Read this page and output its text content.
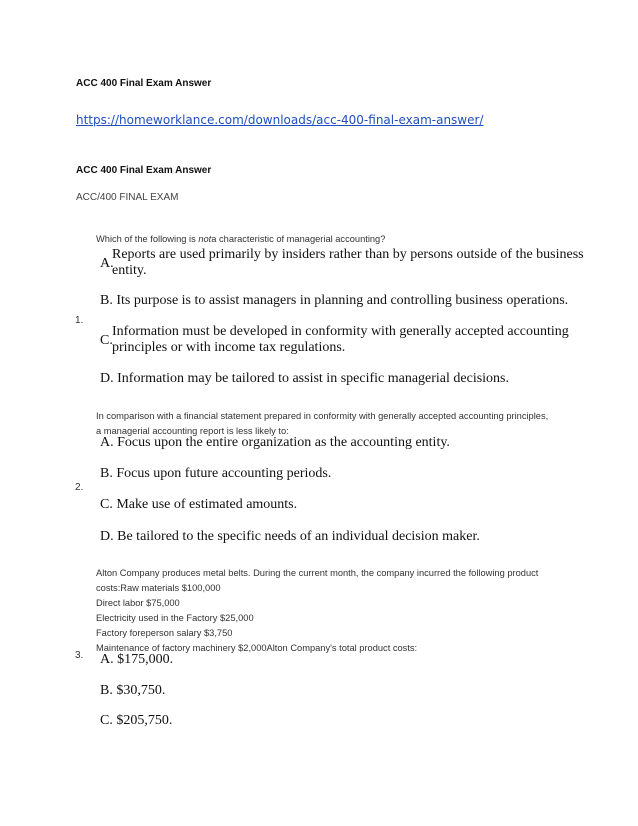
ACC 400 Final Exam Answer
https://homeworklance.com/downloads/acc-400-final-exam-answer/
ACC 400 Final Exam Answer
ACC/400 FINAL EXAM
Which of the following is nota characteristic of managerial accounting?
1.
A.
Reports are used primarily by insiders rather than by persons outside of the business
entity.
B. Its purpose is to assist managers in planning and controlling business operations.
C.
Information must be developed in conformity with generally accepted accounting
principles or with income tax regulations.
D. Information may be tailored to assist in specific managerial decisions.
In comparison with a financial statement prepared in conformity with generally accepted accounting principles,
a managerial accounting report is less likely to:
2.
A. Focus upon the entire organization as the accounting entity.
B. Focus upon future accounting periods.
C. Make use of estimated amounts.
D. Be tailored to the specific needs of an individual decision maker.
Alton Company produces metal belts. During the current month, the company incurred the following product
costs:Raw materials $100,000
Direct labor $75,000
Electricity used in the Factory $25,000
Factory foreperson salary $3,750
Maintenance of factory machinery $2,000Alton Company's total product costs:
3. A. $175,000.
B. $30,750.
C. $205,750.
